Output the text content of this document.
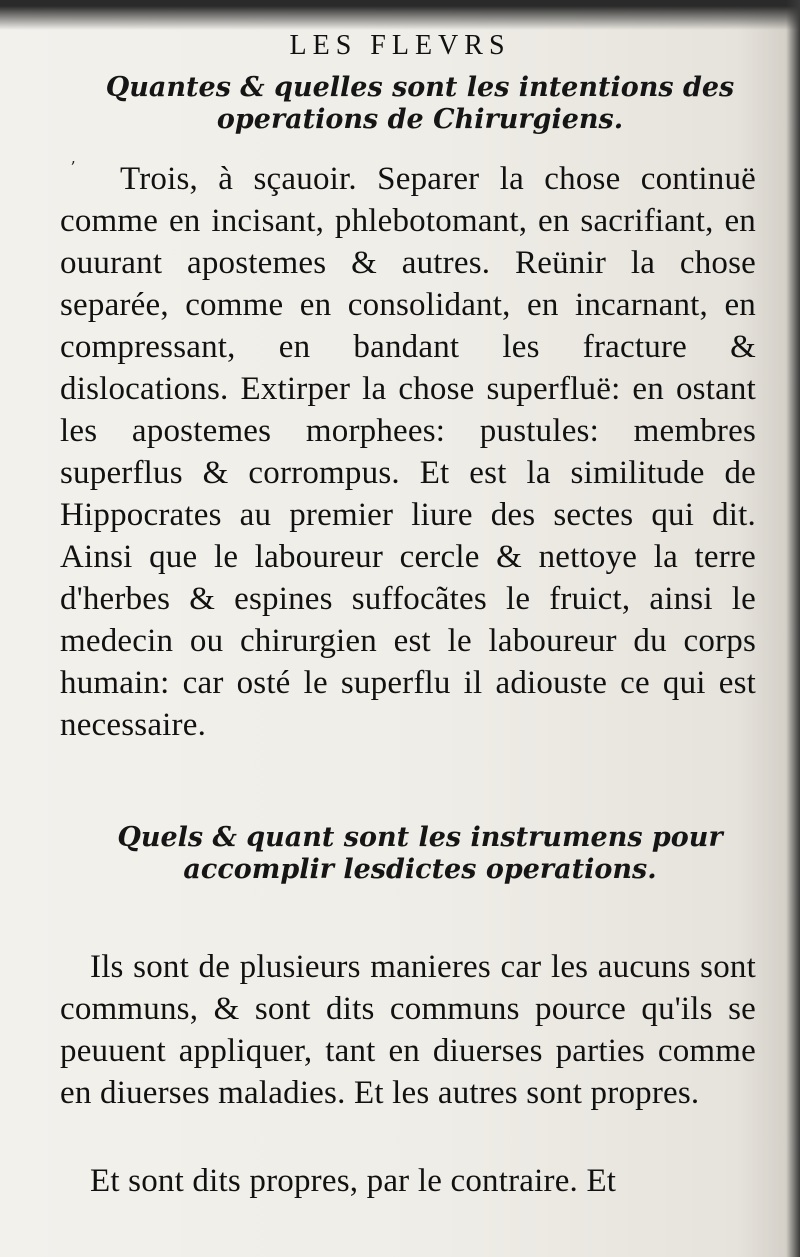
LES FLEVRS
Quantes & quelles sont les intentions des operations de Chirurgiens.
ʼ	Trois, à sçauoir. Separer la chose continuë comme en incisant, phlebotomant, en sacrifiant, en ouurant apostemes & autres. Reünir la chose separée, comme en consolidant, en incarnant, en compressant, en bandant les fracture & dislocations. Extirper la chose superfluë: en ostant les apostemes morphees: pustules: membres superflus & corrompus. Et est la similitude de Hippocrates au premier liure des sectes qui dit. Ainsi que le laboureur cercle & nettoye la terre d'herbes & espines suffocãtes le fruict, ainsi le medecin ou chirurgien est le laboureur du corps humain: car osté le superflu il adiouste ce qui est necessaire.
Quels & quant sont les instrumens pour accomplir lesdictes operations.
Ils sont de plusieurs manieres car les aucuns sont communs, & sont dits communs pource qu'ils se peuuent appliquer, tant en diuerses parties comme en diuerses maladies. Et les autres sont propres.
Et sont dits propres, par le contraire. Et
